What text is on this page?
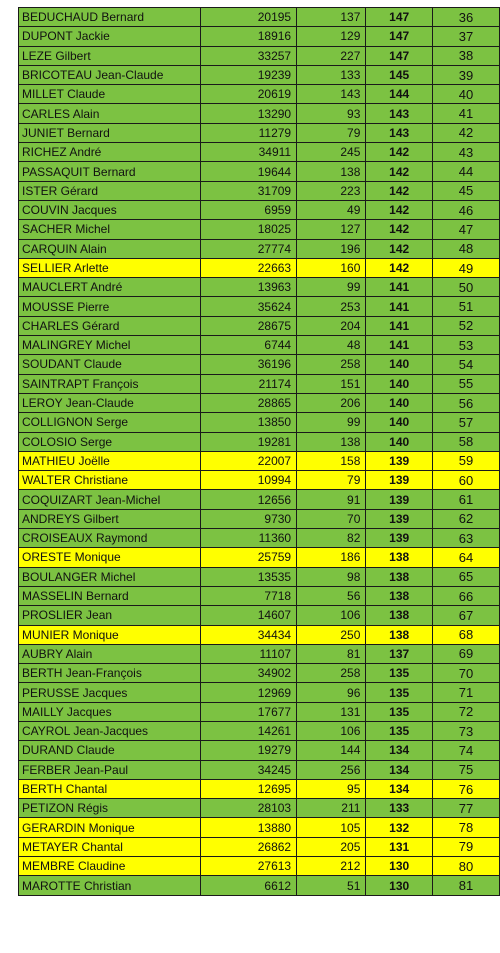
BEDUCHAUD Bernard	20195	137	147	36
DUPONT Jackie	18916	129	147	37
LEZE Gilbert	33257	227	147	38
BRICOTEAU Jean-Claude	19239	133	145	39
MILLET Claude	20619	143	144	40
CARLES Alain	13290	93	143	41
JUNIET Bernard	11279	79	143	42
RICHEZ André	34911	245	142	43
PASSAQUIT Bernard	19644	138	142	44
ISTER Gérard	31709	223	142	45
COUVIN Jacques	6959	49	142	46
SACHER Michel	18025	127	142	47
CARQUIN Alain	27774	196	142	48
SELLIER Arlette	22663	160	142	49
MAUCLERT André	13963	99	141	50
MOUSSE Pierre	35624	253	141	51
CHARLES Gérard	28675	204	141	52
MALINGREY Michel	6744	48	141	53
SOUDANT Claude	36196	258	140	54
SAINTRAPT François	21174	151	140	55
LEROY Jean-Claude	28865	206	140	56
COLLIGNON Serge	13850	99	140	57
COLOSIO Serge	19281	138	140	58
MATHIEU Joëlle	22007	158	139	59
WALTER Christiane	10994	79	139	60
COQUIZART Jean-Michel	12656	91	139	61
ANDREYS Gilbert	9730	70	139	62
CROISEAUX Raymond	11360	82	139	63
ORESTE Monique	25759	186	138	64
BOULANGER Michel	13535	98	138	65
MASSELIN Bernard	7718	56	138	66
PROSLIER Jean	14607	106	138	67
MUNIER Monique	34434	250	138	68
AUBRY Alain	11107	81	137	69
BERTH Jean-François	34902	258	135	70
PERUSSE Jacques	12969	96	135	71
MAILLY Jacques	17677	131	135	72
CAYROL Jean-Jacques	14261	106	135	73
DURAND Claude	19279	144	134	74
FERBER Jean-Paul	34245	256	134	75
BERTH Chantal	12695	95	134	76
PETIZON Régis	28103	211	133	77
GERARDIN Monique	13880	105	132	78
METAYER Chantal	26862	205	131	79
MEMBRE Claudine	27613	212	130	80
MAROTTE Christian	6612	51	130	81
